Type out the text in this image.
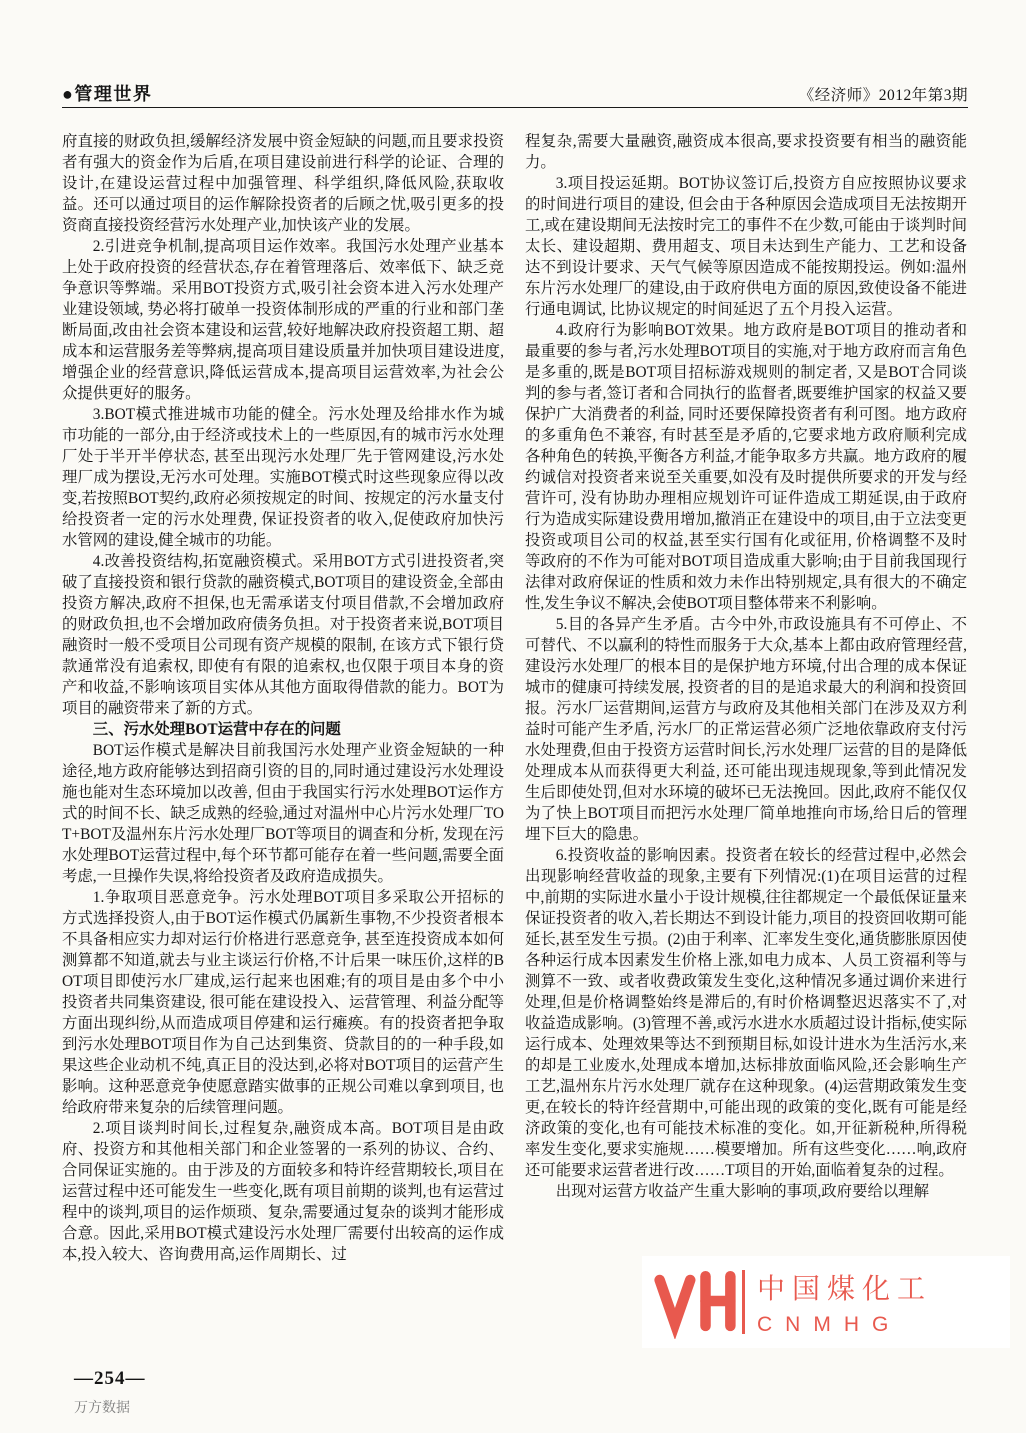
●管理世界	《经济师》2012年第3期

府直接的财政负担,缓解经济发展中资金短缺的问题,而且要求投资者有强大的资金作为后盾,在项目建设前进行科学的论证、合理的设计,在建设运营过程中加强管理、科学组织,降低风险,获取收益。还可以通过项目的运作解除投资者的后顾之忧,吸引更多的投资商直接投资经营污水处理产业,加快该产业的发展。

2.引进竞争机制,提高项目运作效率。我国污水处理产业基本上处于政府投资的经营状态,存在着管理落后、效率低下、缺乏竞争意识等弊端。采用BOT投资方式,吸引社会资本进入污水处理产业建设领域, 势必将打破单一投资体制形成的严重的行业和部门垄断局面,改由社会资本建设和运营,较好地解决政府投资超工期、超成本和运营服务差等弊病,提高项目建设质量并加快项目建设进度,增强企业的经营意识,降低运营成本,提高项目运营效率,为社会公众提供更好的服务。

3.BOT模式推进城市功能的健全。污水处理及给排水作为城市功能的一部分,由于经济或技术上的一些原因,有的城市污水处理厂处于半开半停状态, 甚至出现污水处理厂先于管网建设,污水处理厂成为摆设,无污水可处理。实施BOT模式时这些现象应得以改变,若按照BOT契约,政府必须按规定的时间、按规定的污水量支付给投资者一定的污水处理费, 保证投资者的收入,促使政府加快污水管网的建设,健全城市的功能。

4.改善投资结构,拓宽融资模式。采用BOT方式引进投资者,突破了直接投资和银行贷款的融资模式,BOT项目的建设资金,全部由投资方解决,政府不担保,也无需承诺支付项目借款,不会增加政府的财政负担,也不会增加政府债务负担。对于投资者来说,BOT项目融资时一般不受项目公司现有资产规模的限制, 在该方式下银行贷款通常没有追索权, 即使有有限的追索权,也仅限于项目本身的资产和收益,不影响该项目实体从其他方面取得借款的能力。BOT为项目的融资带来了新的方式。

三、污水处理BOT运营中存在的问题

BOT运作模式是解决目前我国污水处理产业资金短缺的一种途径,地方政府能够达到招商引资的目的,同时通过建设污水处理设施也能对生态环境加以改善, 但由于我国实行污水处理BOT运作方式的时间不长、缺乏成熟的经验,通过对温州中心片污水处理厂TOT+BOT及温州东片污水处理厂BOT等项目的调查和分析, 发现在污水处理BOT运营过程中,每个环节都可能存在着一些问题,需要全面考虑,一旦操作失误,将给投资者及政府造成损失。

1.争取项目恶意竞争。污水处理BOT项目多采取公开招标的方式选择投资人,由于BOT运作模式仍属新生事物,不少投资者根本不具备相应实力却对运行价格进行恶意竞争, 甚至连投资成本如何测算都不知道,就去与业主谈运行价格,不计后果一味压价,这样的BOT项目即使污水厂建成,运行起来也困难;有的项目是由多个中小投资者共同集资建设, 很可能在建设投入、运营管理、利益分配等方面出现纠纷,从而造成项目停建和运行瘫痪。有的投资者把争取到污水处理BOT项目作为自己达到集资、贷款目的的一种手段,如果这些企业动机不纯,真正目的没达到,必将对BOT项目的运营产生影响。这种恶意竞争使愿意踏实做事的正规公司难以拿到项目, 也给政府带来复杂的后续管理问题。

2.项目谈判时间长,过程复杂,融资成本高。BOT项目是由政府、投资方和其他相关部门和企业签署的一系列的协议、合约、合同保证实施的。由于涉及的方面较多和特许经营期较长,项目在运营过程中还可能发生一些变化,既有项目前期的谈判,也有运营过程中的谈判,项目的运作烦琐、复杂,需要通过复杂的谈判才能形成合意。因此,采用BOT模式建设污水处理厂需要付出较高的运作成本,投入较大、咨询费用高,运作周期长、过

程复杂,需要大量融资,融资成本很高,要求投资要有相当的融资能力。

3.项目投运延期。BOT协议签订后,投资方自应按照协议要求的时间进行项目的建设, 但会由于各种原因会造成项目无法按期开工,或在建设期间无法按时完工的事件不在少数,可能由于谈判时间太长、建设超期、费用超支、项目未达到生产能力、工艺和设备达不到设计要求、天气气候等原因造成不能按期投运。例如:温州东片污水处理厂的建设,由于政府供电方面的原因,致使设备不能进行通电调试, 比协议规定的时间延迟了五个月投入运营。

4.政府行为影响BOT效果。地方政府是BOT项目的推动者和最重要的参与者,污水处理BOT项目的实施,对于地方政府而言角色是多重的,既是BOT项目招标游戏规则的制定者, 又是BOT合同谈判的参与者,签订者和合同执行的监督者,既要维护国家的权益又要保护广大消费者的利益, 同时还要保障投资者有利可图。地方政府的多重角色不兼容, 有时甚至是矛盾的,它要求地方政府顺利完成各种角色的转换,平衡各方利益,才能争取多方共赢。地方政府的履约诚信对投资者来说至关重要,如没有及时提供所要求的开发与经营许可, 没有协助办理相应规划许可证件造成工期延误,由于政府行为造成实际建设费用增加,撤消正在建设中的项目,由于立法变更投资或项目公司的权益,甚至实行国有化或征用, 价格调整不及时等政府的不作为可能对BOT项目造成重大影响;由于目前我国现行法律对政府保证的性质和效力未作出特别规定,具有很大的不确定性,发生争议不解决,会使BOT项目整体带来不利影响。

5.目的各异产生矛盾。古今中外,市政设施具有不可停止、不可替代、不以赢利的特性而服务于大众,基本上都由政府管理经营,建设污水处理厂的根本目的是保护地方环境,付出合理的成本保证城市的健康可持续发展, 投资者的目的是追求最大的利润和投资回报。污水厂运营期间,运营方与政府及其他相关部门在涉及双方利益时可能产生矛盾, 污水厂的正常运营必须广泛地依靠政府支付污水处理费,但由于投资方运营时间长,污水处理厂运营的目的是降低处理成本从而获得更大利益, 还可能出现违规现象,等到此情况发生后即使处罚,但对水环境的破坏已无法挽回。因此,政府不能仅仅为了快上BOT项目而把污水处理厂简单地推向市场,给日后的管理埋下巨大的隐患。

6.投资收益的影响因素。投资者在较长的经营过程中,必然会出现影响经营收益的现象,主要有下列情况:(1)在项目运营的过程中,前期的实际进水量小于设计规模,往往都规定一个最低保证量来保证投资者的收入,若长期达不到设计能力,项目的投资回收期可能延长,甚至发生亏损。(2)由于利率、汇率发生变化,通货膨胀原因使各种运行成本因素发生价格上涨,如电力成本、人员工资福利等与测算不一致、或者收费政策发生变化,这种情况多通过调价来进行处理,但是价格调整始终是滞后的,有时价格调整迟迟落实不了,对收益造成影响。(3)管理不善,或污水进水水质超过设计指标,使实际运行成本、处理效果等达不到预期目标,如设计进水为生活污水,来的却是工业废水,处理成本增加,达标排放面临风险,还会影响生产工艺,温州东片污水处理厂就存在这种现象。(4)运营期政策发生变更,在较长的特许经营期中,可能出现的政策的变化,既有可能是经济政策的变化,也有可能技术标准的变化。如,开征新税种,所得税率发生变化,要求实施规……模要增加。所有这些变化……响,政府还可能要求运营者进行改……T项目的开始,面临着复杂的过程。

出现对运营方收益产生重大影响的事项,政府要给以理解

—254—
万方数据
中国煤化工
CNMHG
